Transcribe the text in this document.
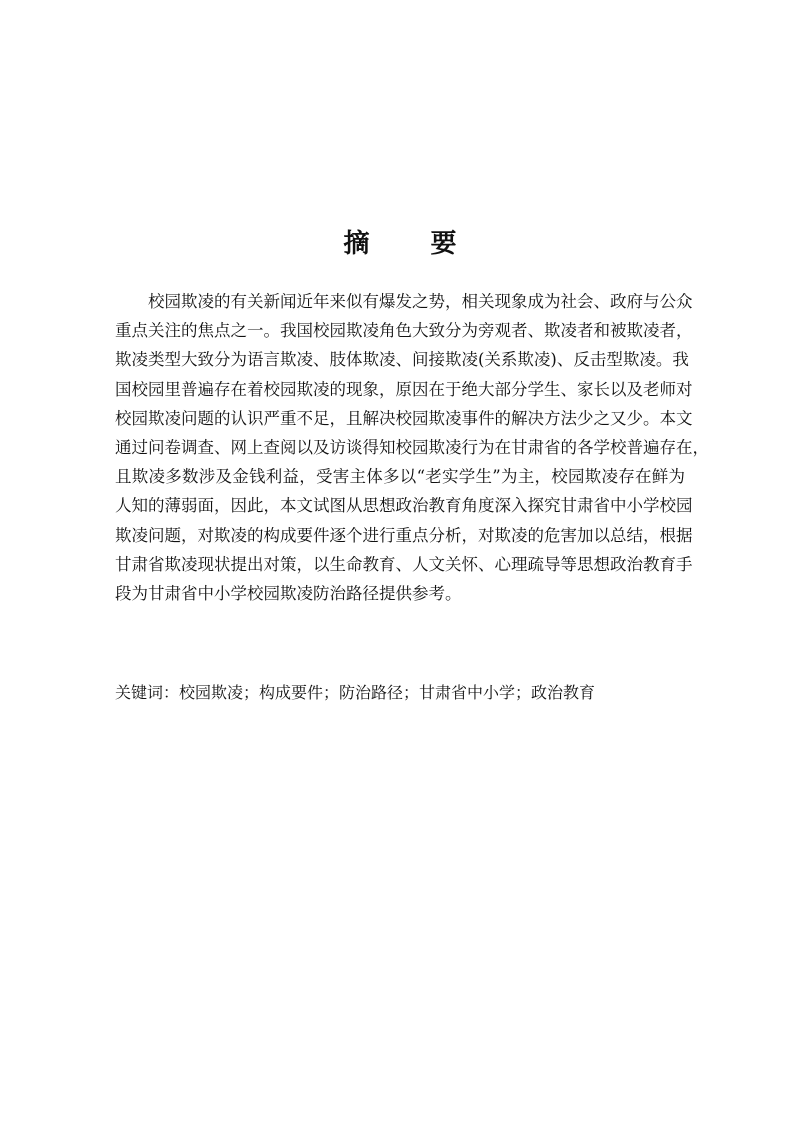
摘 要
校园欺凌的有关新闻近年来似有爆发之势，相关现象成为社会、政府与公众
重点关注的焦点之一。我国校园欺凌角色大致分为旁观者、欺凌者和被欺凌者，
欺凌类型大致分为语言欺凌、肢体欺凌、间接欺凌(关系欺凌)、反击型欺凌。我
国校园里普遍存在着校园欺凌的现象，原因在于绝大部分学生、家长以及老师对
校园欺凌问题的认识严重不足，且解决校园欺凌事件的解决方法少之又少。本文
通过问卷调查、网上查阅以及访谈得知校园欺凌行为在甘肃省的各学校普遍存在，
且欺凌多数涉及金钱利益，受害主体多以“老实学生”为主，校园欺凌存在鲜为
人知的薄弱面，因此，本文试图从思想政治教育角度深入探究甘肃省中小学校园
欺凌问题，对欺凌的构成要件逐个进行重点分析，对欺凌的危害加以总结，根据
甘肃省欺凌现状提出对策，以生命教育、人文关怀、心理疏导等思想政治教育手
段为甘肃省中小学校园欺凌防治路径提供参考。
关键词：校园欺凌；构成要件；防治路径；甘肃省中小学；政治教育
